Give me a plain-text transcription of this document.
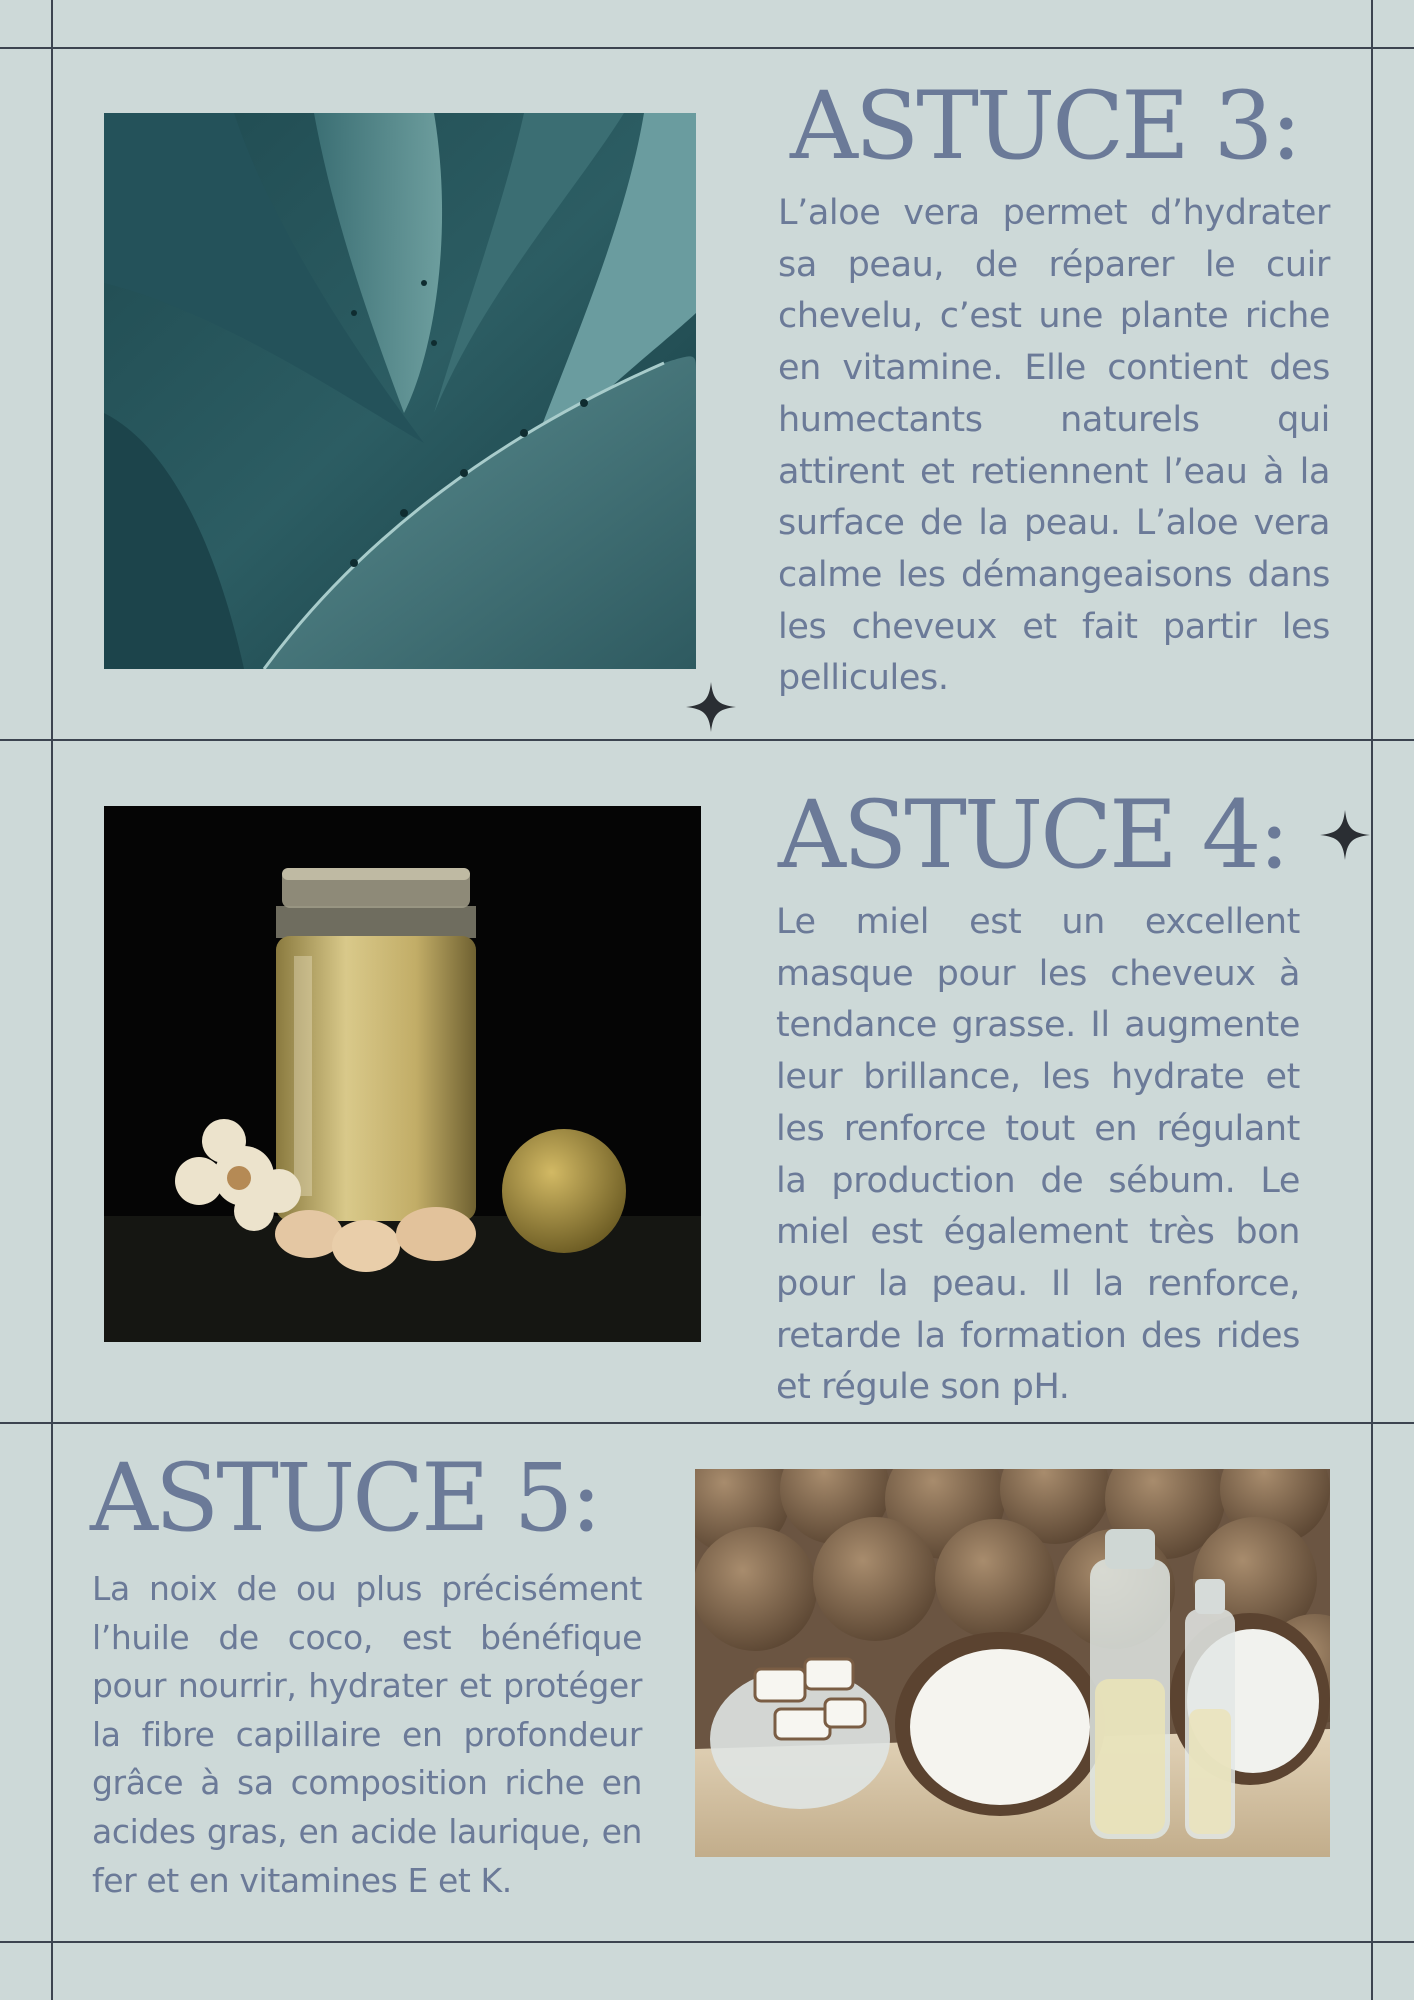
ASTUCE 3:

L’aloe vera permet d’hydrater sa peau, de réparer le cuir chevelu, c’est une plante riche en vitamine. Elle contient des humectants naturels qui attirent et retiennent l’eau à la surface de la peau. L’aloe vera calme les démangeaisons dans les cheveux et fait partir les pellicules.

ASTUCE 4:

Le miel est un excellent masque pour les cheveux à tendance grasse. Il augmente leur brillance, les hydrate et les renforce tout en régulant la production de sébum. Le miel est également très bon pour la peau. Il la renforce, retarde la formation des rides et régule son pH.

ASTUCE 5:

La noix de ou plus précisément l’huile de coco, est bénéfique pour nourrir, hydrater et protéger la fibre capillaire en profondeur grâce à sa composition riche en acides gras, en acide laurique, en fer et en vitamines E et K.
